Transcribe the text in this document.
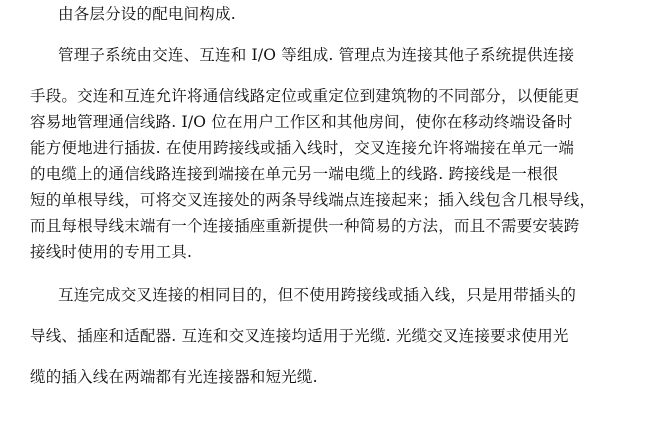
由各层分设的配电间构成.
管理子系统由交连、互连和 I/O 等组成. 管理点为连接其他子系统提供连接
手段。交连和互连允许将通信线路定位或重定位到建筑物的不同部分，以便能更
容易地管理通信线路. I/O 位在用户工作区和其他房间，使你在移动终端设备时
能方便地进行插拔. 在使用跨接线或插入线时，交叉连接允许将端接在单元一端
的电缆上的通信线路连接到端接在单元另一端电缆上的线路. 跨接线是一根很
短的单根导线，可将交叉连接处的两条导线端点连接起来；插入线包含几根导线，
而且每根导线末端有一个连接插座重新提供一种简易的方法，而且不需要安装跨
接线时使用的专用工具.
互连完成交叉连接的相同目的，但不使用跨接线或插入线，只是用带插头的
导线、插座和适配器. 互连和交叉连接均适用于光缆. 光缆交叉连接要求使用光
缆的插入线在两端都有光连接器和短光缆.
